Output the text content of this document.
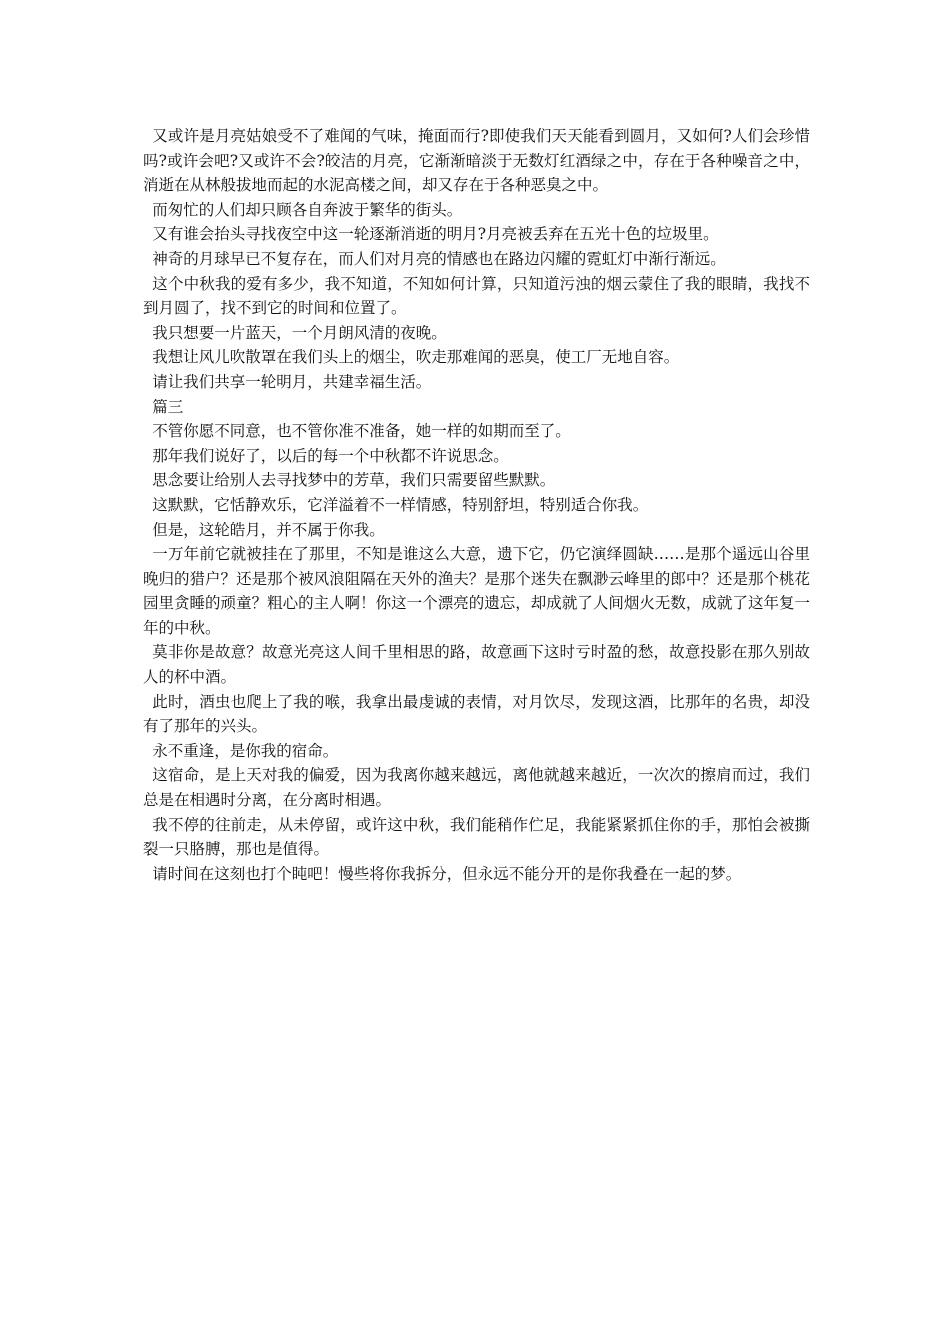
又或许是月亮姑娘受不了难闻的气味，掩面而行?即使我们天天能看到圆月，又如何?人们会珍惜吗?或许会吧?又或许不会?皎洁的月亮，它渐渐暗淡于无数灯红酒绿之中，存在于各种噪音之中，消逝在从林般拔地而起的水泥高楼之间，却又存在于各种恶臭之中。

而匆忙的人们却只顾各自奔波于繁华的街头。

又有谁会抬头寻找夜空中这一轮逐渐消逝的明月?月亮被丢弃在五光十色的垃圾里。

神奇的月球早已不复存在，而人们对月亮的情感也在路边闪耀的霓虹灯中渐行渐远。

这个中秋我的爱有多少，我不知道，不知如何计算，只知道污浊的烟云蒙住了我的眼睛，我找不到月圆了，找不到它的时间和位置了。

我只想要一片蓝天，一个月朗风清的夜晚。

我想让风儿吹散罩在我们头上的烟尘，吹走那难闻的恶臭，使工厂无地自容。

请让我们共享一轮明月，共建幸福生活。

篇三

不管你愿不同意，也不管你准不准备，她一样的如期而至了。

那年我们说好了，以后的每一个中秋都不许说思念。

思念要让给别人去寻找梦中的芳草，我们只需要留些默默。

这默默，它恬静欢乐，它洋溢着不一样情感，特别舒坦，特别适合你我。

但是，这轮皓月，并不属于你我。

一万年前它就被挂在了那里，不知是谁这么大意，遗下它，仍它演绎圆缺……是那个遥远山谷里晚归的猎户？还是那个被风浪阻隔在天外的渔夫？是那个迷失在飘渺云峰里的郎中？还是那个桃花园里贪睡的顽童？粗心的主人啊！你这一个漂亮的遗忘，却成就了人间烟火无数，成就了这年复一年的中秋。

莫非你是故意？故意光亮这人间千里相思的路，故意画下这时亏时盈的愁，故意投影在那久别故人的杯中酒。

此时，酒虫也爬上了我的喉，我拿出最虔诚的表情，对月饮尽，发现这酒，比那年的名贵，却没有了那年的兴头。

永不重逢，是你我的宿命。

这宿命，是上天对我的偏爱，因为我离你越来越远，离他就越来越近，一次次的擦肩而过，我们总是在相遇时分离，在分离时相遇。

我不停的往前走，从未停留，或许这中秋，我们能稍作伫足，我能紧紧抓住你的手，那怕会被撕裂一只胳膊，那也是值得。

请时间在这刻也打个盹吧！慢些将你我拆分，但永远不能分开的是你我叠在一起的梦。
